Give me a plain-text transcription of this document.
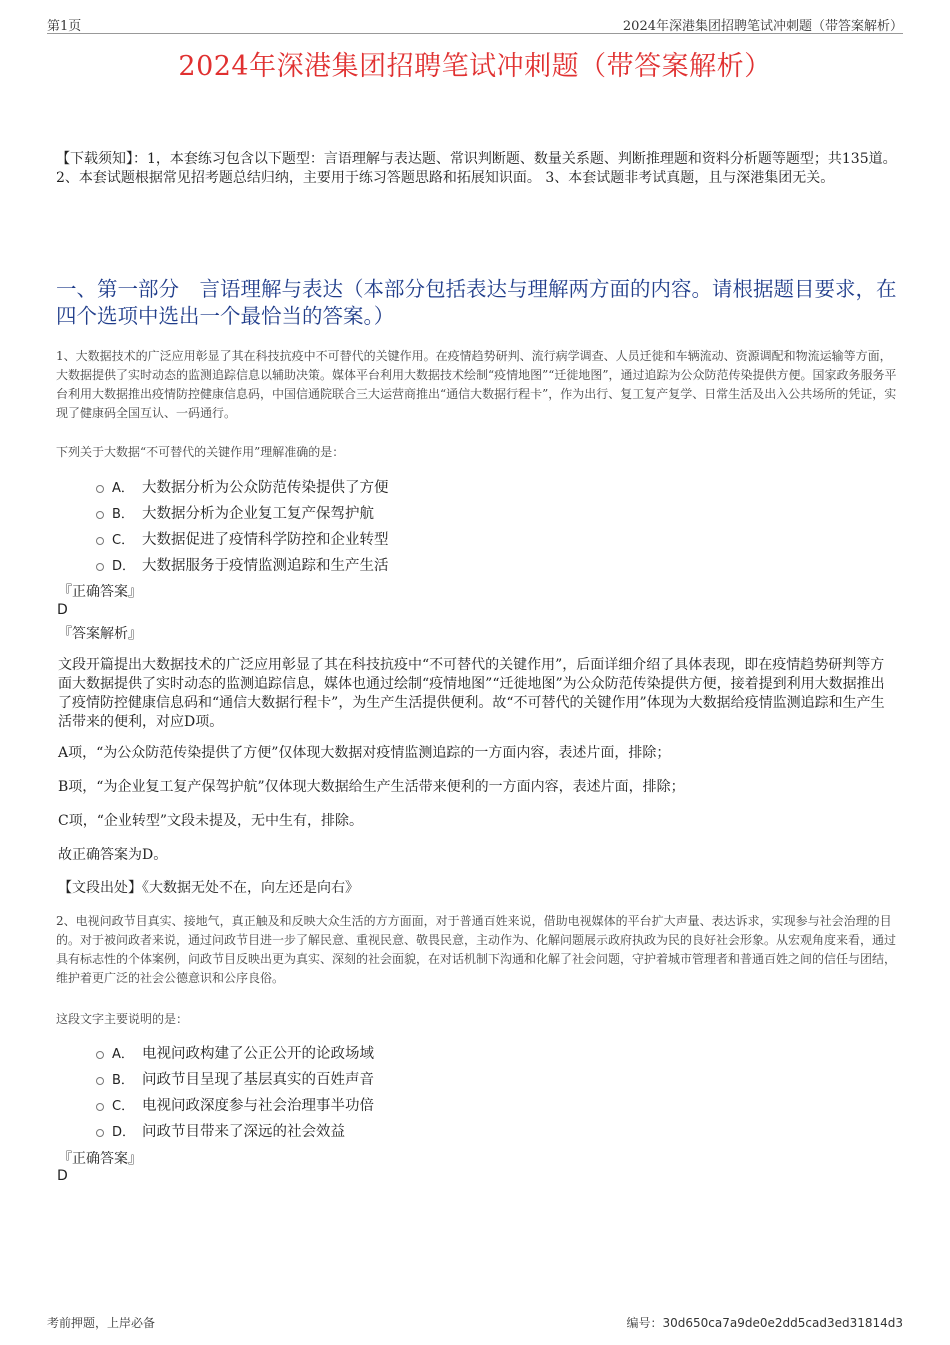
第1页	2024年深港集团招聘笔试冲刺题（带答案解析）
2024年深港集团招聘笔试冲刺题（带答案解析）
【下载须知】：1，本套练习包含以下题型：言语理解与表达题、常识判断题、数量关系题、判断推理题和资料分析题等题型；共135道。 2、本套试题根据常见招考题总结归纳，主要用于练习答题思路和拓展知识面。 3、本套试题非考试真题，且与深港集团无关。
一、第一部分　言语理解与表达（本部分包括表达与理解两方面的内容。请根据题目要求，在四个选项中选出一个最恰当的答案。）
1、大数据技术的广泛应用彰显了其在科技抗疫中不可替代的关键作用。在疫情趋势研判、流行病学调查、人员迁徙和车辆流动、资源调配和物流运输等方面，大数据提供了实时动态的监测追踪信息以辅助决策。媒体平台利用大数据技术绘制“疫情地图”“迁徙地图”，通过追踪为公众防范传染提供方便。国家政务服务平台利用大数据推出疫情防控健康信息码，中国信通院联合三大运营商推出“通信大数据行程卡”，作为出行、复工复产复学、日常生活及出入公共场所的凭证，实现了健康码全国互认、一码通行。
下列关于大数据“不可替代的关键作用”理解准确的是：
A． 大数据分析为公众防范传染提供了方便
B． 大数据分析为企业复工复产保驾护航
C． 大数据促进了疫情科学防控和企业转型
D． 大数据服务于疫情监测追踪和生产生活
『正确答案』
D
『答案解析』
文段开篇提出大数据技术的广泛应用彰显了其在科技抗疫中“不可替代的关键作用”，后面详细介绍了具体表现，即在疫情趋势研判等方面大数据提供了实时动态的监测追踪信息，媒体也通过绘制“疫情地图”“迁徙地图”为公众防范传染提供方便，接着提到利用大数据推出了疫情防控健康信息码和“通信大数据行程卡”，为生产生活提供便利。故“不可替代的关键作用”体现为大数据给疫情监测追踪和生产生活带来的便利，对应D项。
A项，“为公众防范传染提供了方便”仅体现大数据对疫情监测追踪的一方面内容，表述片面，排除；
B项，“为企业复工复产保驾护航”仅体现大数据给生产生活带来便利的一方面内容，表述片面，排除；
C项，“企业转型”文段未提及，无中生有，排除。
故正确答案为D。
【文段出处】《大数据无处不在，向左还是向右》
2、电视问政节目真实、接地气，真正触及和反映大众生活的方方面面，对于普通百姓来说，借助电视媒体的平台扩大声量、表达诉求，实现参与社会治理的目的。对于被问政者来说，通过问政节目进一步了解民意、重视民意、敬畏民意，主动作为、化解问题展示政府执政为民的良好社会形象。从宏观角度来看，通过具有标志性的个体案例，问政节目反映出更为真实、深刻的社会面貌，在对话机制下沟通和化解了社会问题，守护着城市管理者和普通百姓之间的信任与团结，维护着更广泛的社会公德意识和公序良俗。
这段文字主要说明的是：
A． 电视问政构建了公正公开的论政场域
B． 问政节目呈现了基层真实的百姓声音
C． 电视问政深度参与社会治理事半功倍
D． 问政节目带来了深远的社会效益
『正确答案』
D
考前押题，上岸必备	编号：30d650ca7a9de0e2dd5cad3ed31814d3
